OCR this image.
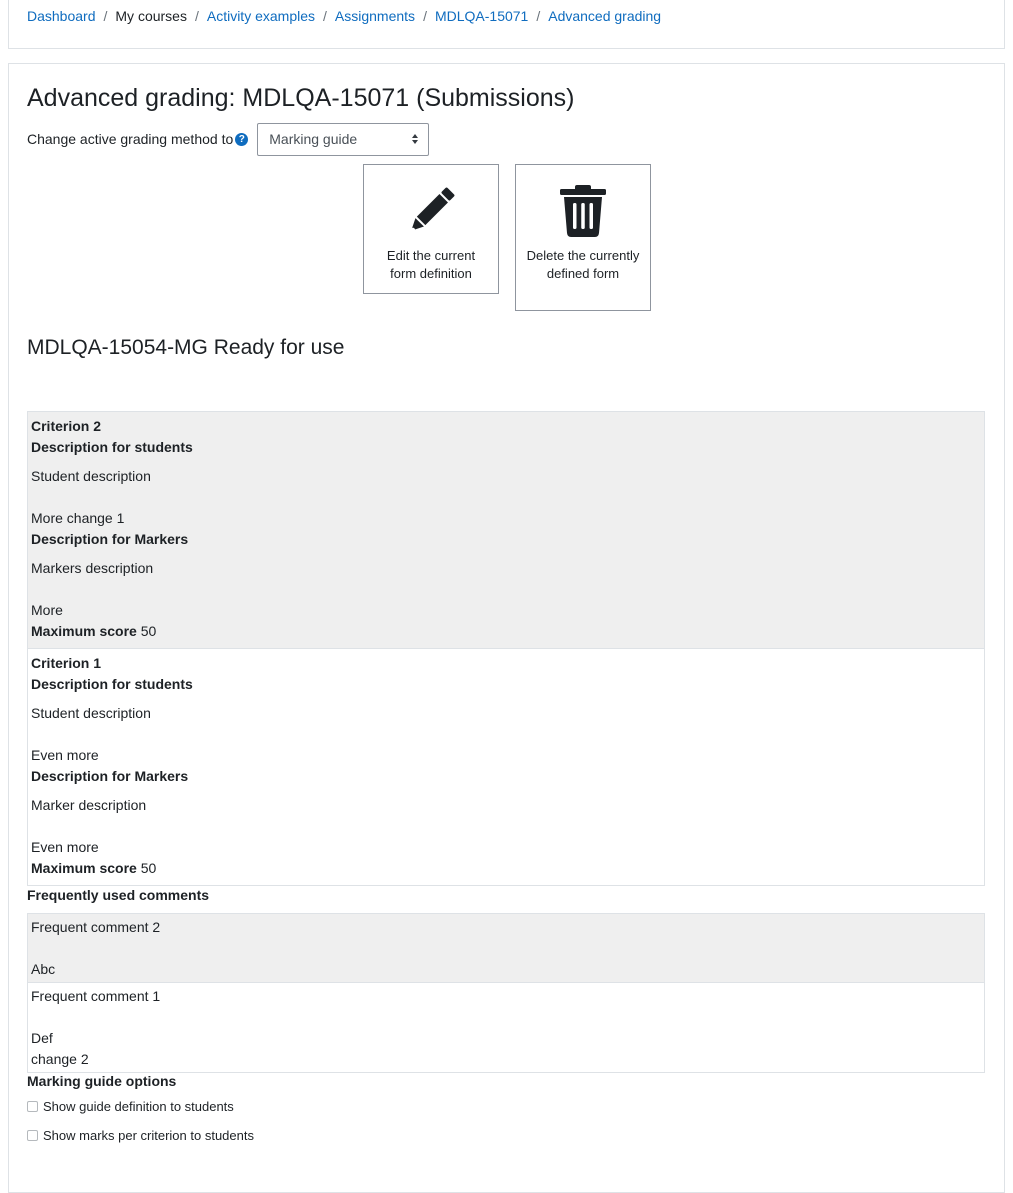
Dashboard / My courses / Activity examples / Assignments / MDLQA-15071 / Advanced grading
Advanced grading: MDLQA-15071 (Submissions)
Change active grading method to ? Marking guide
Edit the current form definition
Delete the currently defined form
MDLQA-15054-MG Ready for use
Criterion 2
Description for students
Student description

More change 1
Description for Markers
Markers description

More
Maximum score 50
Criterion 1
Description for students
Student description

Even more
Description for Markers
Marker description

Even more
Maximum score 50
Frequently used comments
Frequent comment 2

Abc
Frequent comment 1

Def
change 2
Marking guide options
Show guide definition to students
Show marks per criterion to students
